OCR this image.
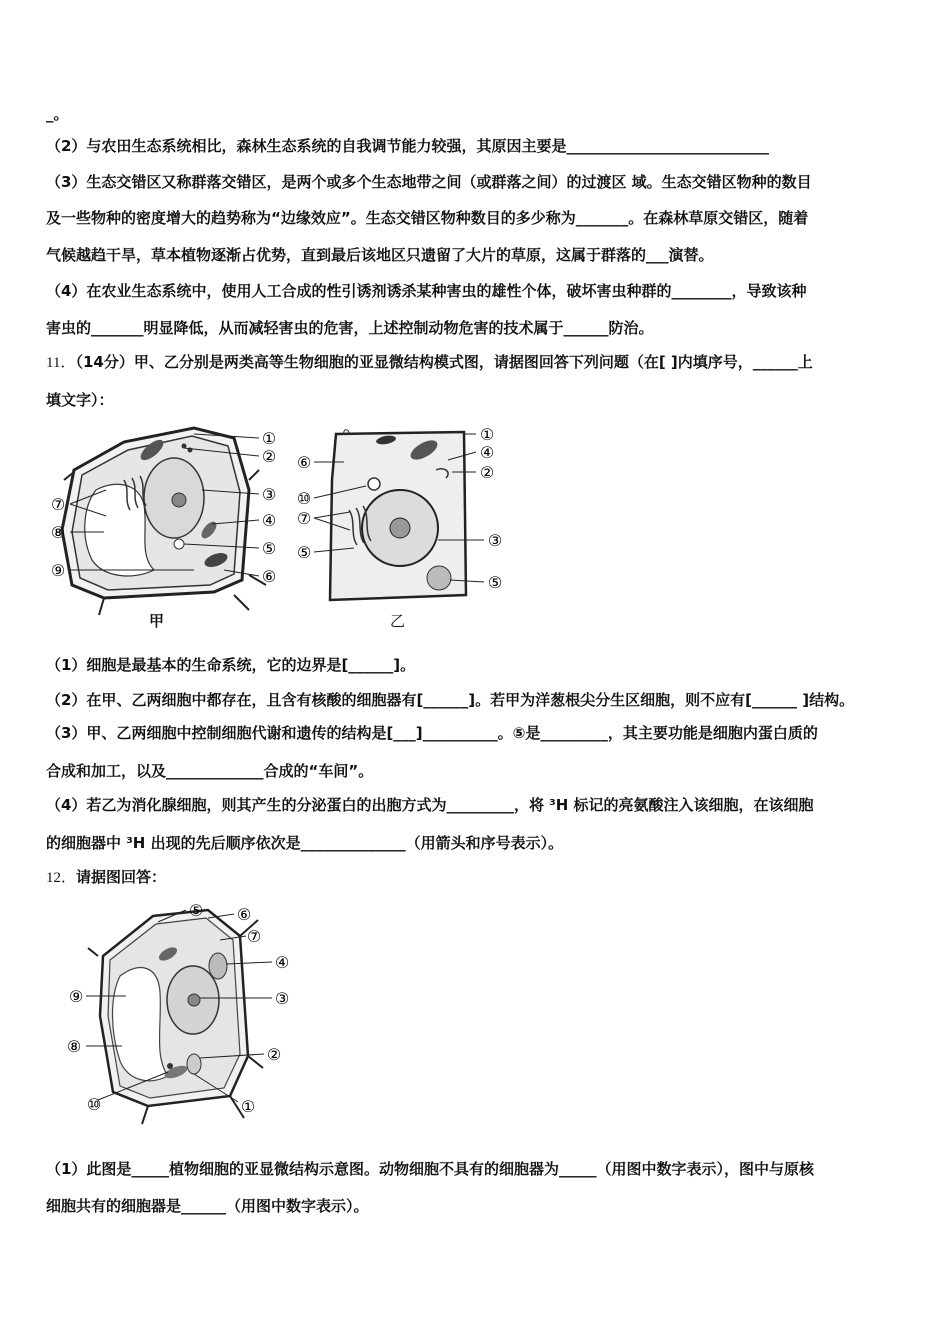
_。
（2）与农田生态系统相比，森林生态系统的自我调节能力较强，其原因主要是___________________________
（3）生态交错区又称群落交错区，是两个或多个生态地带之间（或群落之间）的过渡区 域。生态交错区物种的数目
及一些物种的密度增大的趋势称为“边缘效应”。生态交错区物种数目的多少称为_______。在森林草原交错区，随着
气候越趋干旱，草本植物逐渐占优势，直到最后该地区只遗留了大片的草原，这属于群落的___演替。
（4）在农业生态系统中，使用人工合成的性引诱剂诱杀某种害虫的雄性个体，破坏害虫种群的________，导致该种
害虫的_______明显降低，从而减轻害虫的危害，上述控制动物危害的技术属于______防治。
11．（14分）甲、乙分别是两类高等生物细胞的亚显微结构模式图，请据图回答下列问题（在[ ]内填序号，______上
填文字）：
①
②
③
④
⑤
⑥
⑦
⑧
⑨
①
④
②
⑥
⑩
⑦
⑤
③
⑤
甲	乙
（1）细胞是最基本的生命系统，它的边界是[______]。
（2）在甲、乙两细胞中都存在，且含有核酸的细胞器有[______]。若甲为洋葱根尖分生区细胞，则不应有[______ ]结构。
（3）甲、乙两细胞中控制细胞代谢和遗传的结构是[___]__________。⑤是_________，其主要功能是细胞内蛋白质的
合成和加工，以及_____________合成的“车间”。
（4）若乙为消化腺细胞，则其产生的分泌蛋白的出胞方式为_________，将 ³H 标记的亮氨酸注入该细胞，在该细胞
的细胞器中 ³H 出现的先后顺序依次是______________（用箭头和序号表示）。
12．请据图回答：
⑤ ⑥
⑦
④
③
⑨
⑧	②
⑩	①
（1）此图是_____植物细胞的亚显微结构示意图。动物细胞不具有的细胞器为_____（用图中数字表示），图中与原核
细胞共有的细胞器是______（用图中数字表示）。
